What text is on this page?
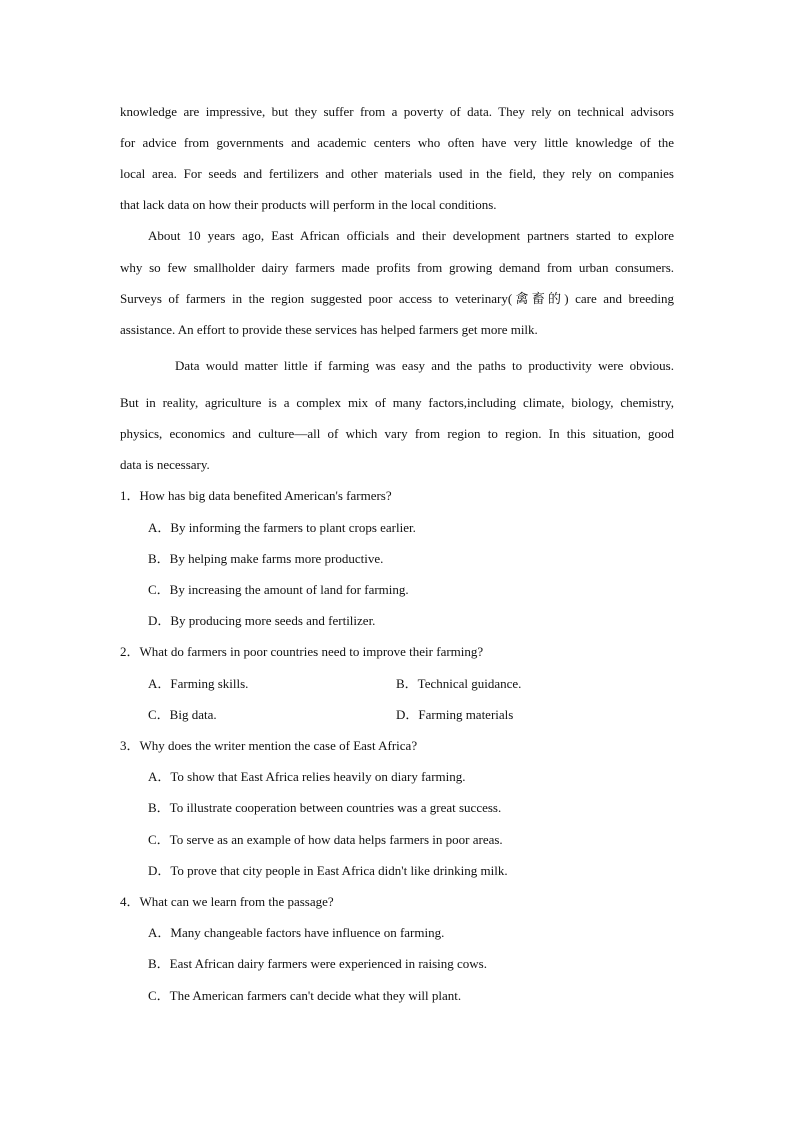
knowledge are impressive, but they suffer from a poverty of data. They rely on technical advisors
for advice from governments and academic centers who often have very little knowledge of the
local area. For seeds and fertilizers and other materials used in the field, they rely on companies
that lack data on how their products will perform in the local conditions.
About 10 years ago, East African officials and their development partners started to explore
why so few smallholder dairy farmers made profits from growing demand from urban consumers.
Surveys of farmers in the region suggested poor access to veterinary(禽畜的) care and breeding
assistance. An effort to provide these services has helped farmers get more milk.
Data would matter little if farming was easy and the paths to productivity were obvious.
But in reality, agriculture is a complex mix of many factors,including climate, biology, chemistry,
physics, economics and culture—all of which vary from region to region. In this situation, good
data is necessary.
1．How has big data benefited American's farmers?
A．By informing the farmers to plant crops earlier.
B．By helping make farms more productive.
C．By increasing the amount of land for farming.
D．By producing more seeds and fertilizer.
2．What do farmers in poor countries need to improve their farming?
A．Farming skills.	B．Technical guidance.
C．Big data.	D．Farming materials
3．Why does the writer mention the case of East Africa?
A．To show that East Africa relies heavily on diary farming.
B．To illustrate cooperation between countries was a great success.
C．To serve as an example of how data helps farmers in poor areas.
D．To prove that city people in East Africa didn't like drinking milk.
4．What can we learn from the passage?
A．Many changeable factors have influence on farming.
B．East African dairy farmers were experienced in raising cows.
C．The American farmers can't decide what they will plant.
